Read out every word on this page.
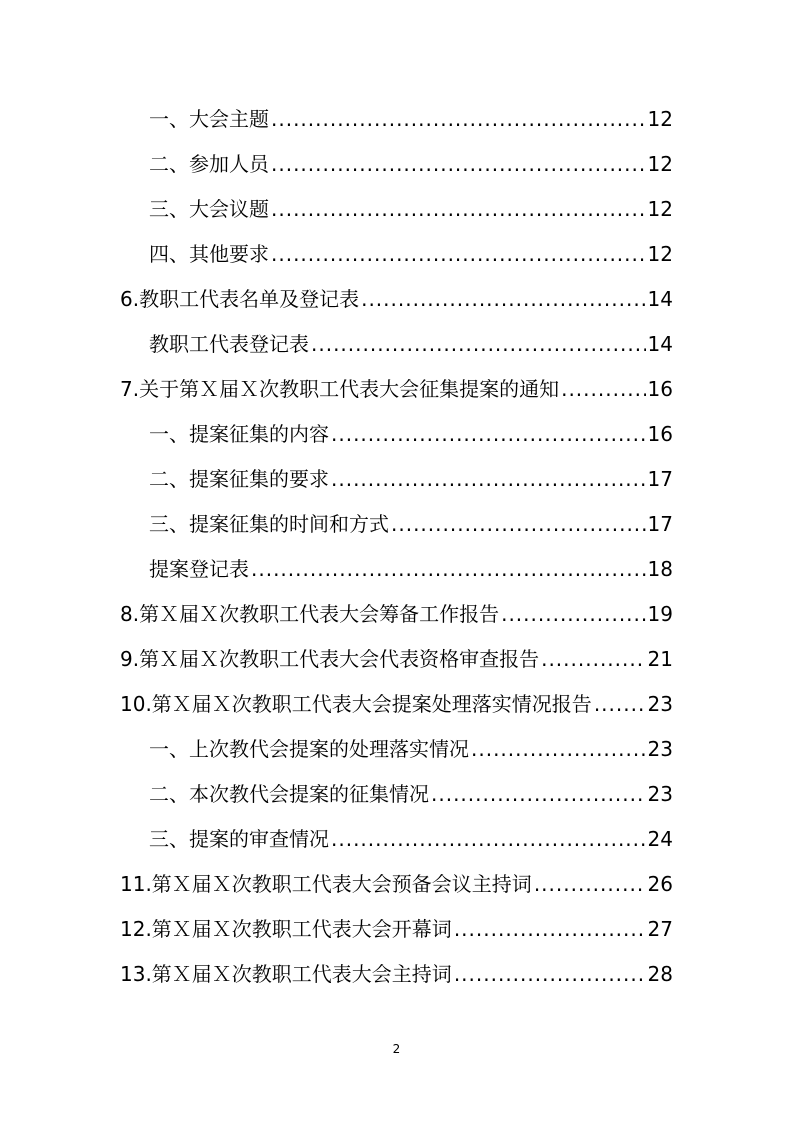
一、大会主题 .....	12
二、参加人员 .....	12
三、大会议题 .....	12
四、其他要求 .....	12
6.教职工代表名单及登记表 .....	14
教职工代表登记表 .....	14
7.关于第Ｘ届Ｘ次教职工代表大会征集提案的通知 .....	16
一、提案征集的内容 .....	16
二、提案征集的要求 .....	17
三、提案征集的时间和方式 .....	17
提案登记表 .....	18
8.第Ｘ届Ｘ次教职工代表大会筹备工作报告 .....	19
9.第Ｘ届Ｘ次教职工代表大会代表资格审查报告 .....	21
10.第Ｘ届Ｘ次教职工代表大会提案处理落实情况报告 .....	23
一、上次教代会提案的处理落实情况 .....	23
二、本次教代会提案的征集情况 .....	23
三、提案的审查情况 .....	24
11.第Ｘ届Ｘ次教职工代表大会预备会议主持词 .....	26
12.第Ｘ届Ｘ次教职工代表大会开幕词 .....	27
13.第Ｘ届Ｘ次教职工代表大会主持词 .....	28
2
